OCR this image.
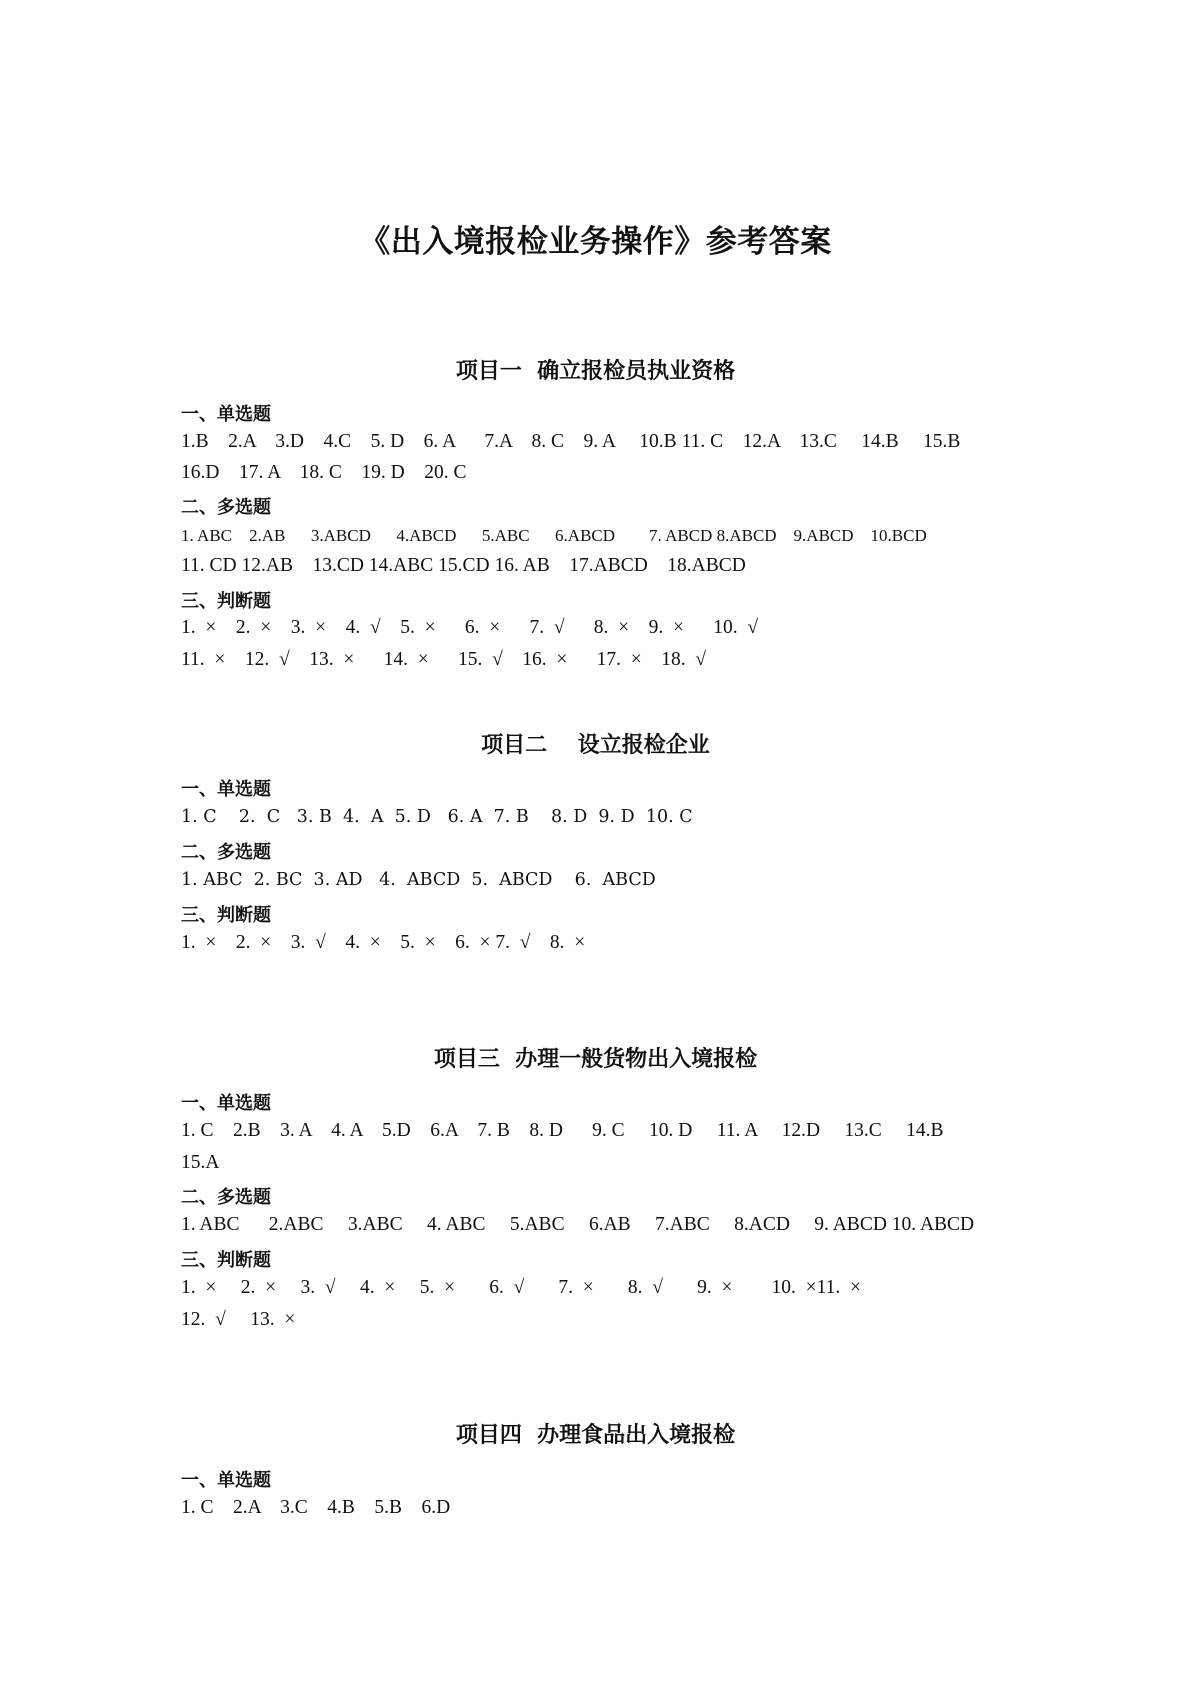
《出入境报检业务操作》参考答案
项目一  确立报检员执业资格
一、单选题
1.B    2.A    3.D    4.C    5. D    6. A      7.A    8. C    9. A     10.B 11. C    12.A    13.C     14.B     15.B
16.D    17. A    18. C    19. D    20. C
二、多选题
1. ABC    2.AB      3.ABCD      4.ABCD      5.ABC      6.ABCD        7. ABCD 8.ABCD    9.ABCD    10.BCD
11. CD 12.AB    13.CD 14.ABC 15.CD 16. AB    17.ABCD    18.ABCD
三、判断题
1.  ×    2.  ×    3.  ×    4.  √    5.  ×      6.  ×      7.  √      8.  ×    9.  ×      10.  √
11.  ×    12.  √    13.  ×      14.  ×      15.  √    16.  ×      17.  ×    18.  √
项目二    设立报检企业
一、单选题
1. C    2.  C   3. B  4.  A  5. D   6. A  7. B    8. D  9. D  10. C
二、多选题
1. ABC  2. BC  3. AD   4.  ABCD  5.  ABCD    6.  ABCD
三、判断题
1.  ×    2.  ×    3.  √    4.  ×    5.  ×    6.  × 7.  √    8.  ×
项目三  办理一般货物出入境报检
一、单选题
1. C    2.B    3. A    4. A    5.D    6.A    7. B    8. D      9. C     10. D     11. A     12.D     13.C     14.B
15.A
二、多选题
1. ABC      2.ABC     3.ABC     4. ABC     5.ABC     6.AB     7.ABC     8.ACD     9. ABCD 10. ABCD
三、判断题
1.  ×     2.  ×     3.  √     4.  ×     5.  ×       6.  √       7.  ×       8.  √       9.  ×        10.  ×11.  ×
12.  √     13.  ×
项目四  办理食品出入境报检
一、单选题
1. C    2.A    3.C    4.B    5.B    6.D
